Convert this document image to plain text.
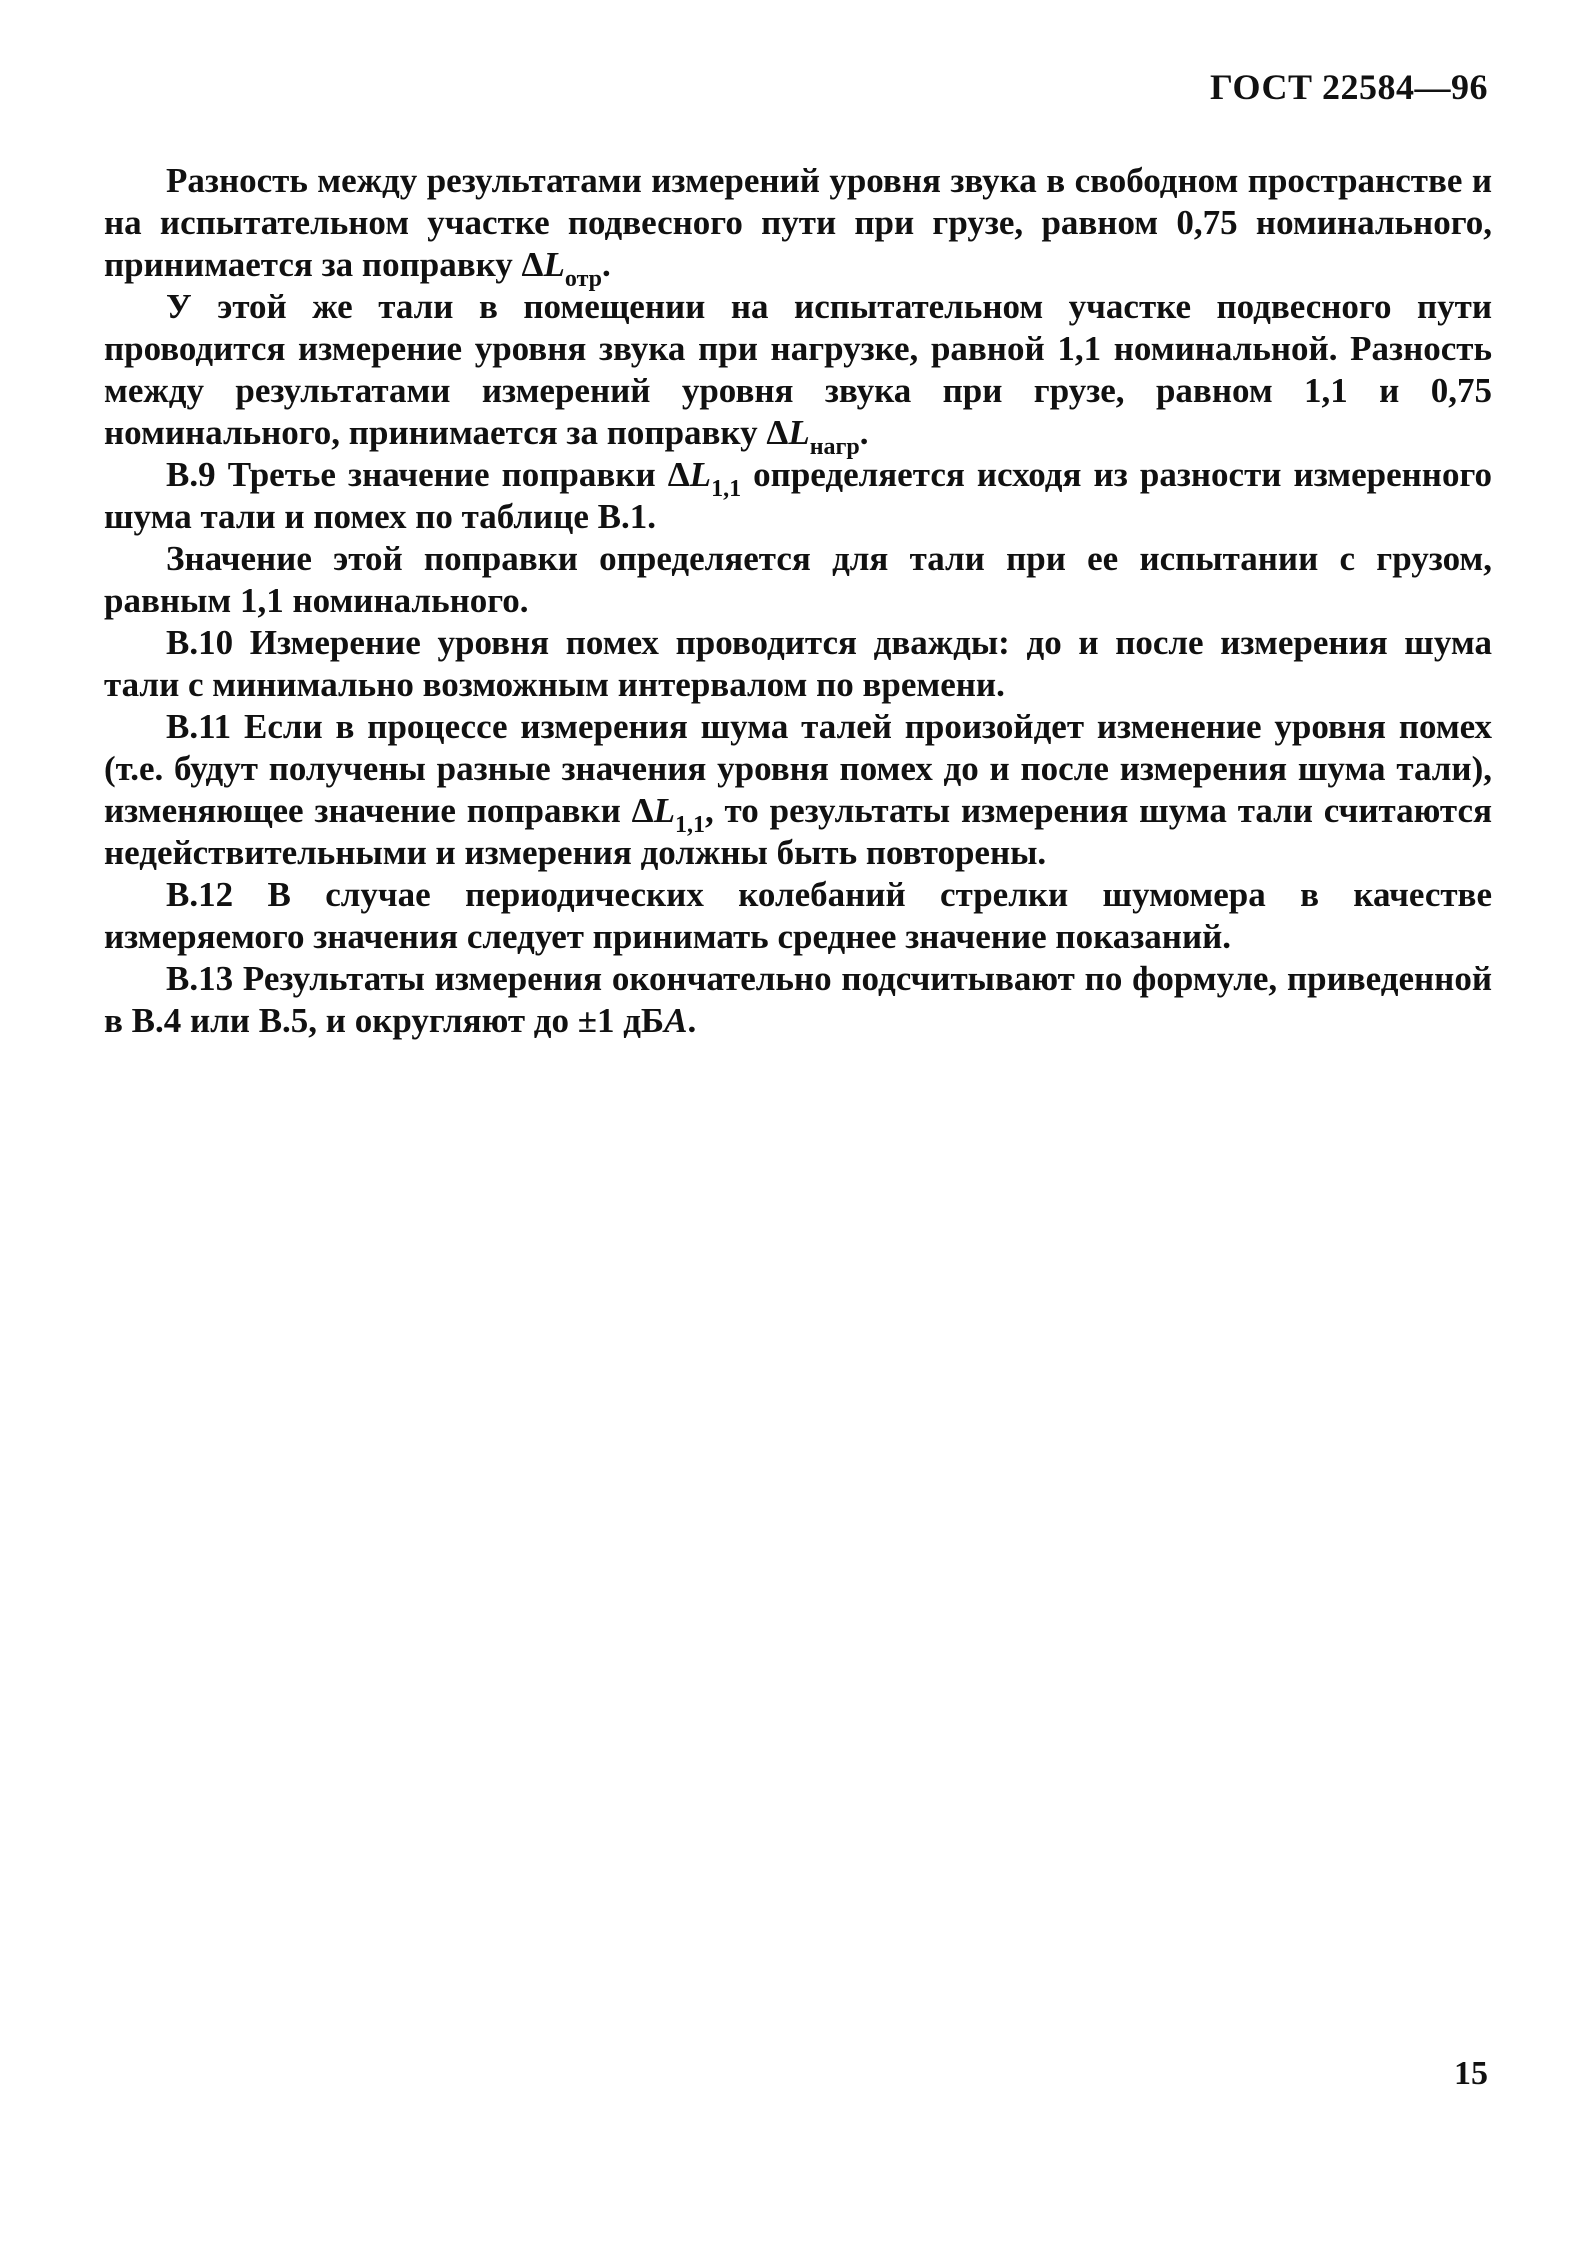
ГОСТ 22584—96

Разность между результатами измерений уровня звука в свободном пространстве и на испытательном участке подвесного пути при грузе, равном 0,75 номинального, принимается за поправку $\Delta L_{отр}$.

У этой же тали в помещении на испытательном участке подвесного пути проводится измерение уровня звука при нагрузке, равной 1,1 номинальной. Разность между результатами измерений уровня звука при грузе, равном 1,1 и 0,75 номинального, принимается за поправку $\Delta L_{нагр}$.

В.9 Третье значение поправки $\Delta L_{1,1}$ определяется исходя из разности измеренного шума тали и помех по таблице В.1.

Значение этой поправки определяется для тали при ее испытании с грузом, равным 1,1 номинального.

В.10 Измерение уровня помех проводится дважды: до и после измерения шума тали с минимально возможным интервалом по времени.

В.11 Если в процессе измерения шума талей произойдет изменение уровня помех (т.е. будут получены разные значения уровня помех до и после измерения шума тали), изменяющее значение поправки $\Delta L_{1,1}$, то результаты измерения шума тали считаются недействительными и измерения должны быть повторены.

В.12 В случае периодических колебаний стрелки шумомера в качестве измеряемого значения следует принимать среднее значение показаний.

В.13 Результаты измерения окончательно подсчитывают по формуле, приведенной в В.4 или В.5, и округляют до ±1 дБА.

15
